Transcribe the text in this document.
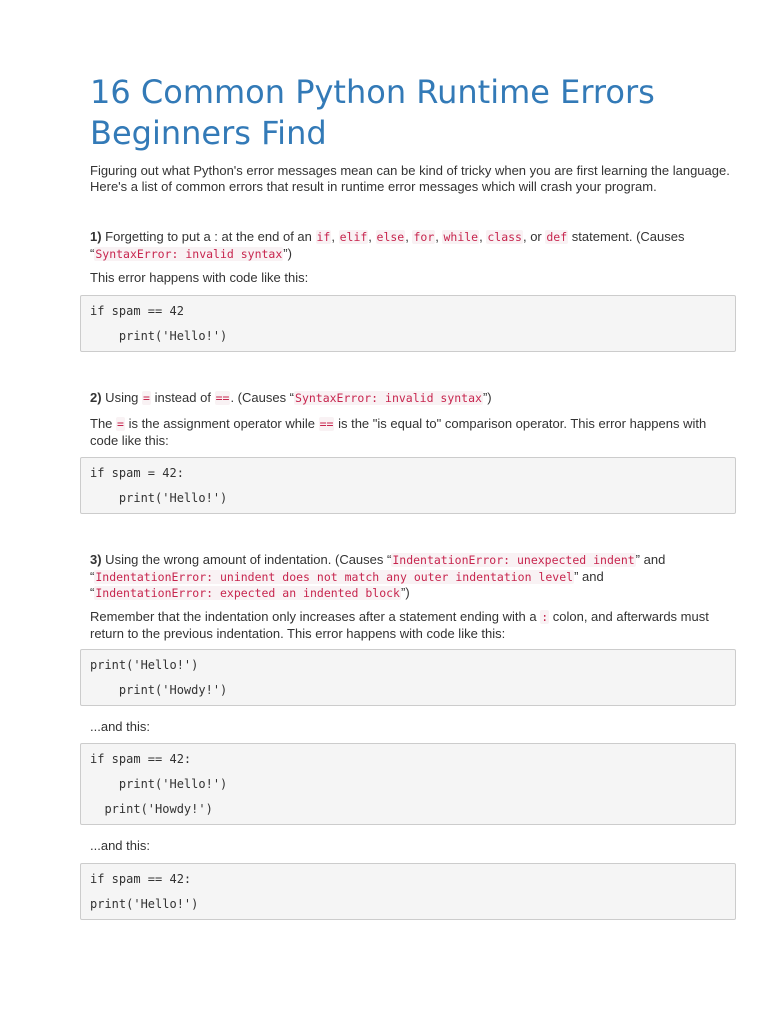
16 Common Python Runtime Errors Beginners Find

Figuring out what Python's error messages mean can be kind of tricky when you are first learning the language. Here's a list of common errors that result in runtime error messages which will crash your program.

1) Forgetting to put a : at the end of an if, elif, else, for, while, class, or def statement. (Causes “SyntaxError: invalid syntax”)

This error happens with code like this:

if spam == 42
print('Hello!')

2) Using = instead of ==. (Causes “SyntaxError: invalid syntax”)

The = is the assignment operator while == is the "is equal to" comparison operator. This error happens with code like this:

if spam = 42:
print('Hello!')

3) Using the wrong amount of indentation. (Causes “IndentationError: unexpected indent” and “IndentationError: unindent does not match any outer indentation level” and “IndentationError: expected an indented block”)

Remember that the indentation only increases after a statement ending with a : colon, and afterwards must return to the previous indentation. This error happens with code like this:

print('Hello!')
print('Howdy!')

...and this:

if spam == 42:
print('Hello!')
print('Howdy!')

...and this:

if spam == 42:
print('Hello!')
